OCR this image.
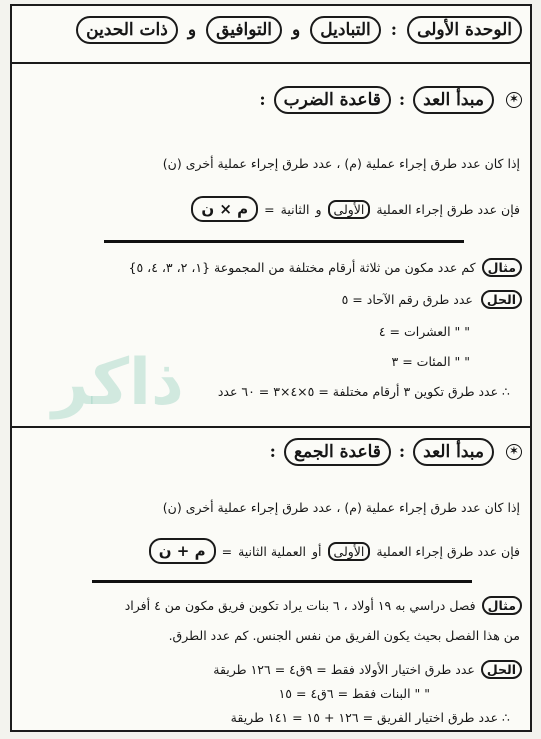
الوحدة الأولى
:
التباديل
و
التوافيق
و
ذات الحدين
✶
مبدأ العد
:
قاعدة الضرب
:
إذا كان عدد طرق إجراء عملية (م) ، عدد طرق إجراء عملية أخرى (ن)
فإن عدد طرق إجراء العملية
الأولى
و
الثانية
=
م × ن
مثال
كم عدد مكون من ثلاثة أرقام مختلفة من المجموعة {١، ٢، ٣، ٤، ٥}
الحل
عدد طرق رقم الآحاد = ٥
" " العشرات = ٤
" " المئات = ٣
∴ عدد طرق تكوين ٣ أرقام مختلفة = ٥×٤×٣ = ٦٠ عدد
ذاكر
✶
مبدأ العد
:
قاعدة الجمع
:
إذا كان عدد طرق إجراء عملية (م) ، عدد طرق إجراء عملية أخرى (ن)
فإن عدد طرق إجراء العملية
الأولى
أو
العملية الثانية
=
م + ن
مثال
فصل دراسي به ١٩ أولاد ، ٦ بنات يراد تكوين فريق مكون من ٤ أفراد
من هذا الفصل بحيث يكون الفريق من نفس الجنس. كم عدد الطرق.
الحل
عدد طرق اختيار الأولاد فقط = ٩ق٤ = ١٢٦ طريقة
" " البنات فقط = ٦ق٤ = ١٥
∴ عدد طرق اختيار الفريق = ١٢٦ + ١٥ = ١٤١ طريقة
